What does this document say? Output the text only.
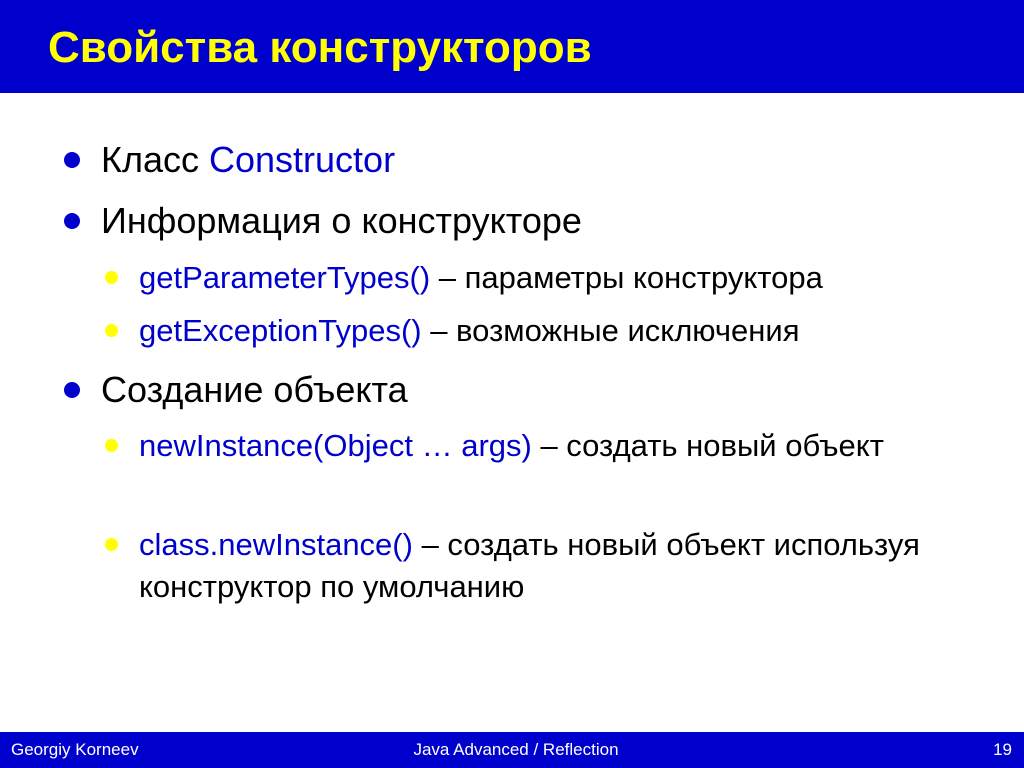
Свойства конструкторов
Класс Constructor
Информация о конструкторе
getParameterTypes() – параметры конструктора
getExceptionTypes() – возможные исключения
Создание объекта
newInstance(Object … args) – создать новый объект
class.newInstance() – создать новый объект используя конструктор по умолчанию
Georgiy Korneev	Java Advanced / Reflection	19
